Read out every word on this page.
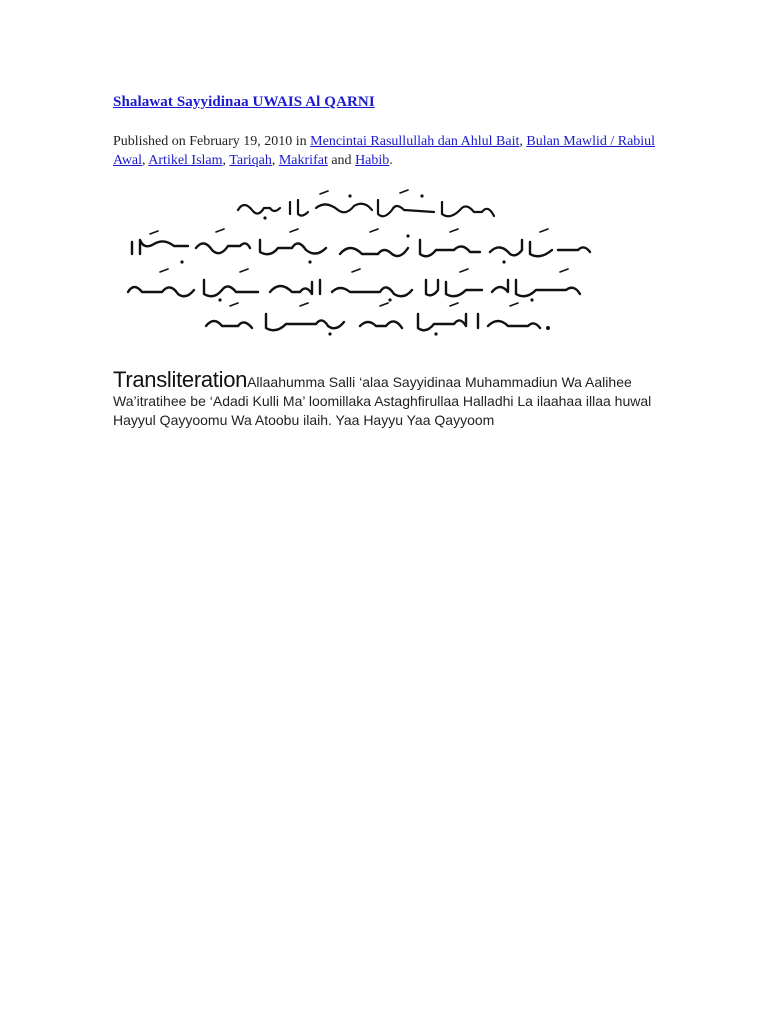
Shalawat Sayyidinaa UWAIS Al QARNI
Published on February 19, 2010 in Mencintai Rasullullah dan Ahlul Bait, Bulan Mawlid / Rabiul Awal, Artikel Islam, Tariqah, Makrifat and Habib.
TransliterationAllaahumma Salli ‘alaa Sayyidinaa Muhammadiun Wa Aalihee Wa’itratihee be ‘Adadi Kulli Ma’ loomillaka Astaghfirullaa Halladhi La ilaahaa illaa huwal Hayyul Qayyoomu Wa Atoobu ilaih. Yaa Hayyu Yaa Qayyoom
